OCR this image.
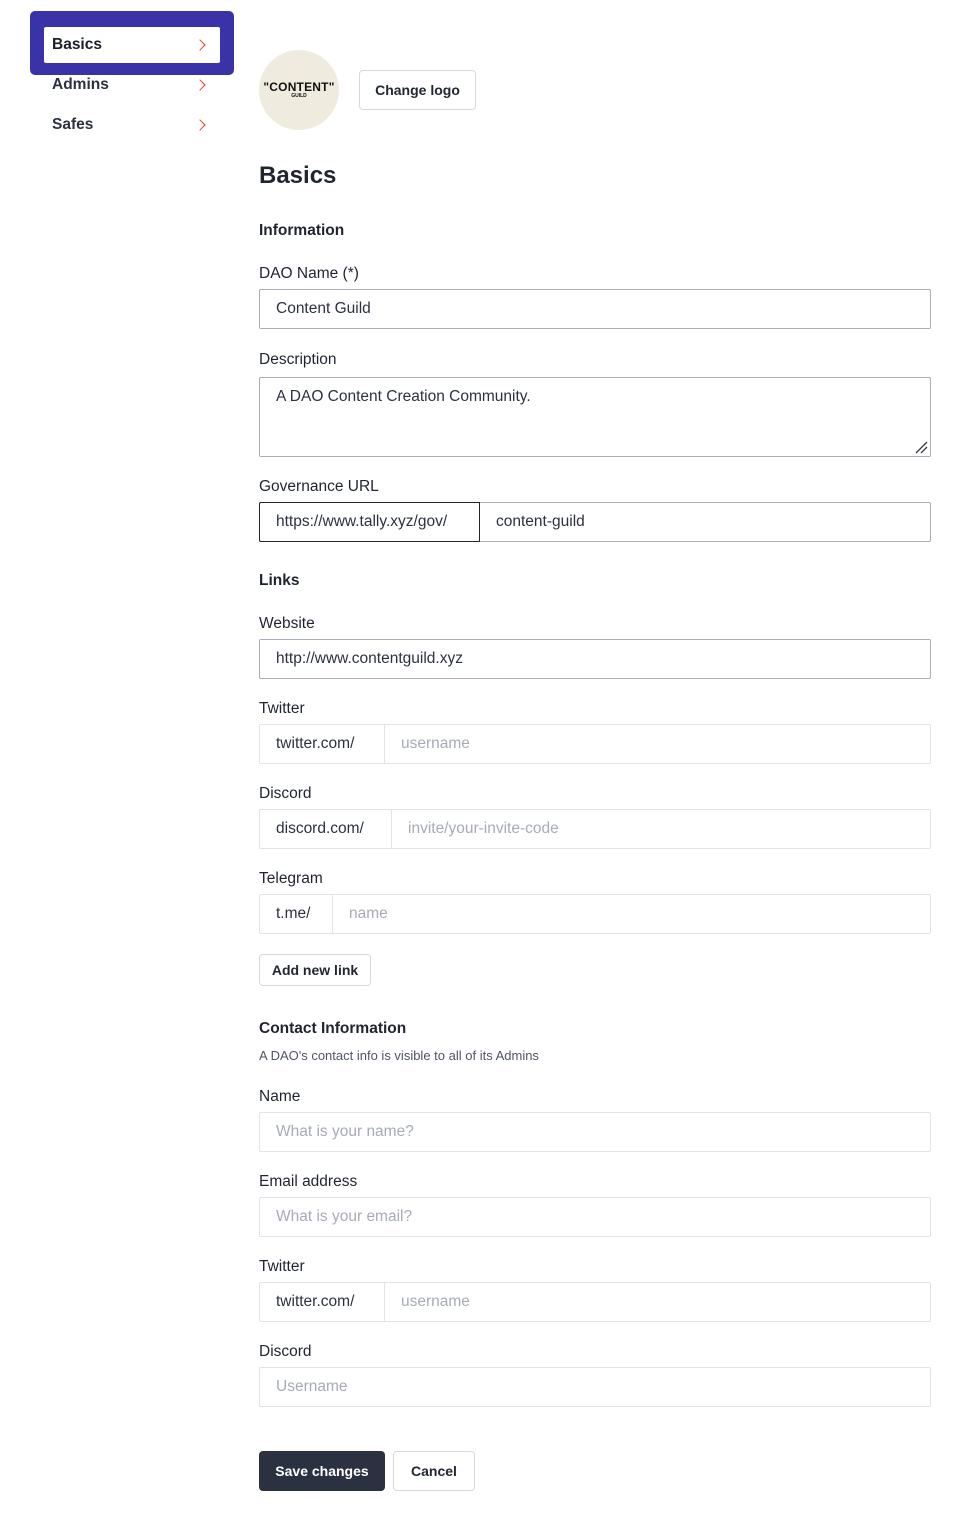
Basics
Admins
Safes
"CONTENT"
GUILD	Change logo
Basics
Information
DAO Name (*)
Content Guild
Description
A DAO Content Creation Community.
Governance URL
https://www.tally.xyz/gov/	content-guild
Links
Website
http://www.contentguild.xyz
Twitter
twitter.com/	username
Discord
discord.com/	invite/your-invite-code
Telegram
t.me/	name
Add new link
Contact Information
A DAO's contact info is visible to all of its Admins
Name
What is your name?
Email address
What is your email?
Twitter
twitter.com/	username
Discord
Username
Save changes	Cancel
